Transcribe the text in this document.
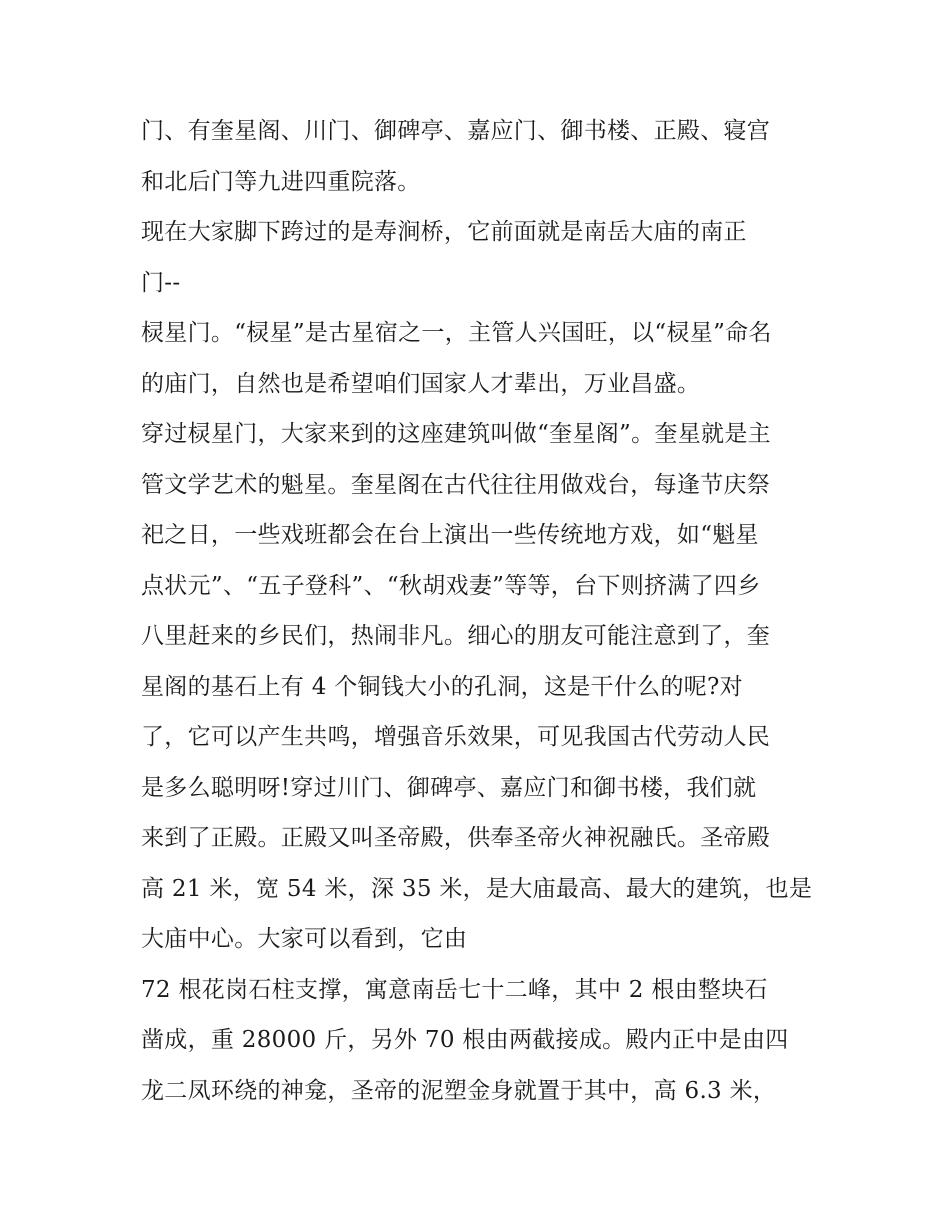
门、有奎星阁、川门、御碑亭、嘉应门、御书楼、正殿、寝宫
和北后门等九进四重院落。
现在大家脚下跨过的是寿涧桥，它前面就是南岳大庙的南正
门--
棂星门。“棂星”是古星宿之一，主管人兴国旺，以“棂星”命名
的庙门，自然也是希望咱们国家人才辈出，万业昌盛。
穿过棂星门，大家来到的这座建筑叫做“奎星阁”。奎星就是主
管文学艺术的魁星。奎星阁在古代往往用做戏台，每逢节庆祭
祀之日，一些戏班都会在台上演出一些传统地方戏，如“魁星
点状元”、“五子登科”、“秋胡戏妻”等等，台下则挤满了四乡
八里赶来的乡民们，热闹非凡。细心的朋友可能注意到了，奎
星阁的基石上有 4 个铜钱大小的孔洞，这是干什么的呢?对
了，它可以产生共鸣，增强音乐效果，可见我国古代劳动人民
是多么聪明呀!穿过川门、御碑亭、嘉应门和御书楼，我们就
来到了正殿。正殿又叫圣帝殿，供奉圣帝火神祝融氏。圣帝殿
高 21 米，宽 54 米，深 35 米，是大庙最高、最大的建筑，也是
大庙中心。大家可以看到，它由
72 根花岗石柱支撑，寓意南岳七十二峰，其中 2 根由整块石
凿成，重 28000 斤，另外 70 根由两截接成。殿内正中是由四
龙二凤环绕的神龛，圣帝的泥塑金身就置于其中，高 6.3 米，
